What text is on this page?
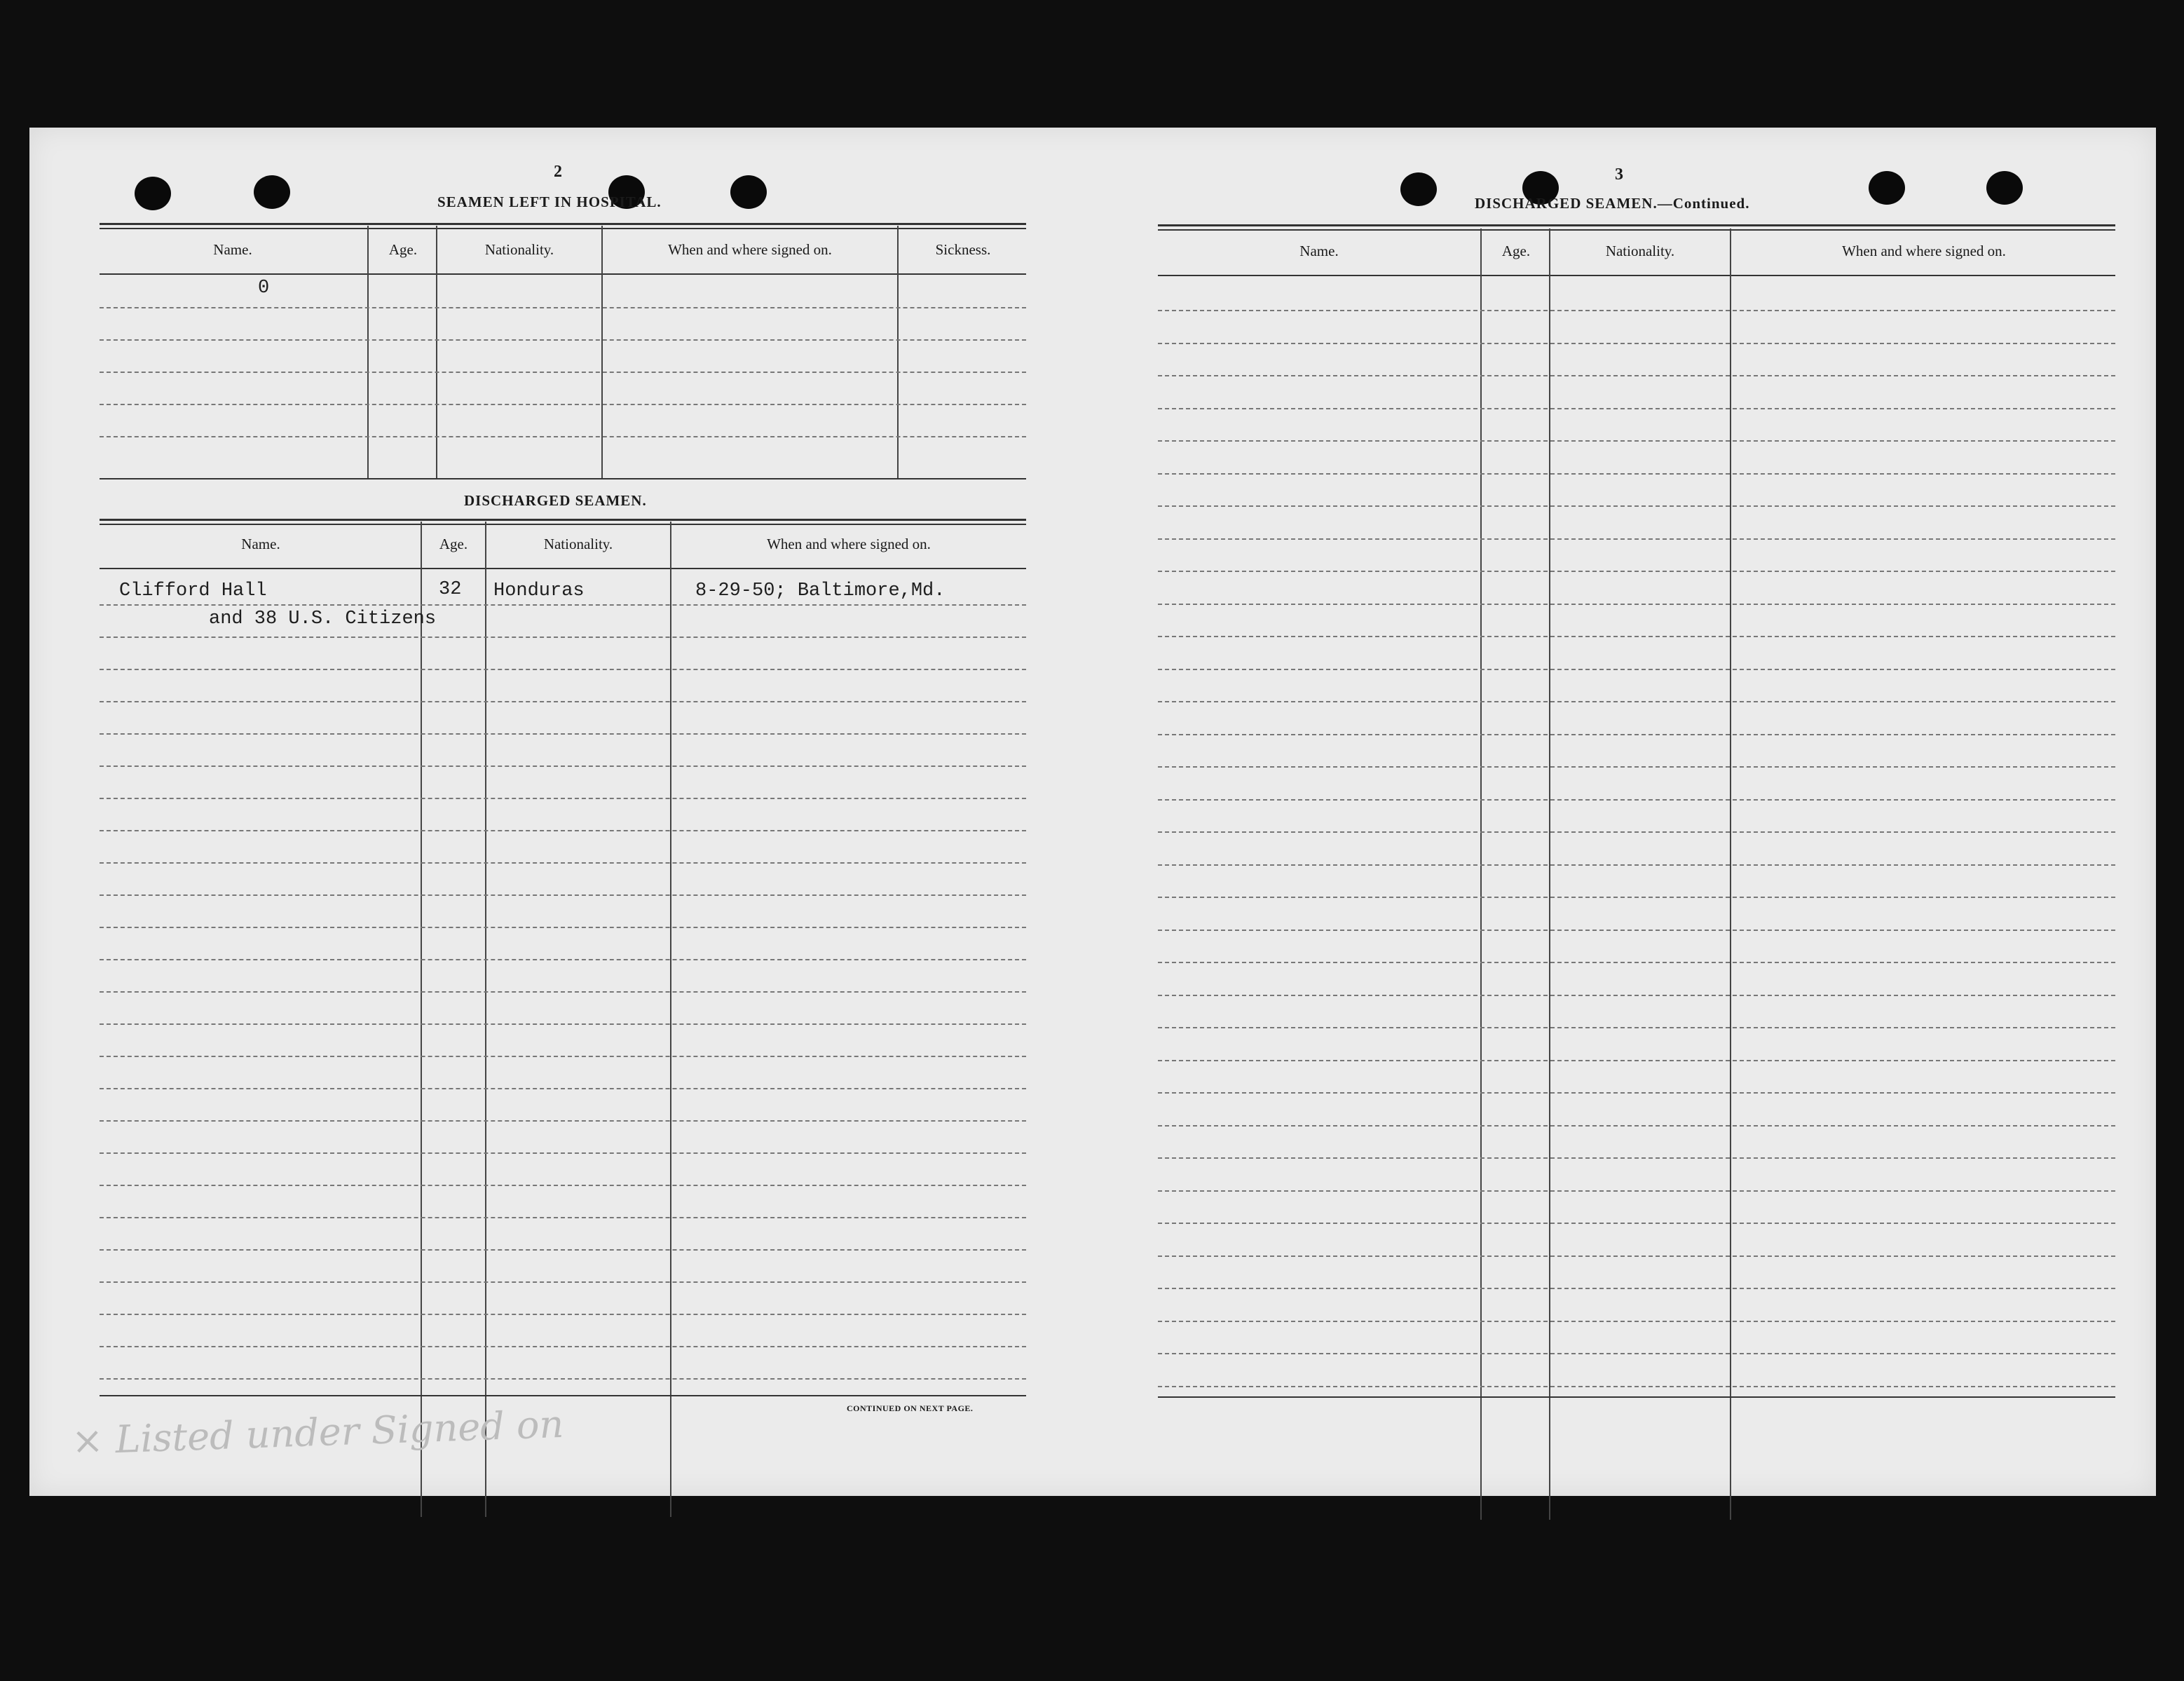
2
SEAMEN LEFT IN HOSPITAL.
Name.	Age.	Nationality.	When and where signed on.	Sickness.
0
DISCHARGED SEAMEN.
Name.	Age.	Nationality.	When and where signed on.
Clifford Hall	32 Honduras	8-29-50; Baltimore,Md.
and 38 U.S. Citizens
CONTINUED ON NEXT PAGE.
× Listed under Signed on
3
DISCHARGED SEAMEN.—Continued.
Name.	Age.	Nationality.	When and where signed on.
